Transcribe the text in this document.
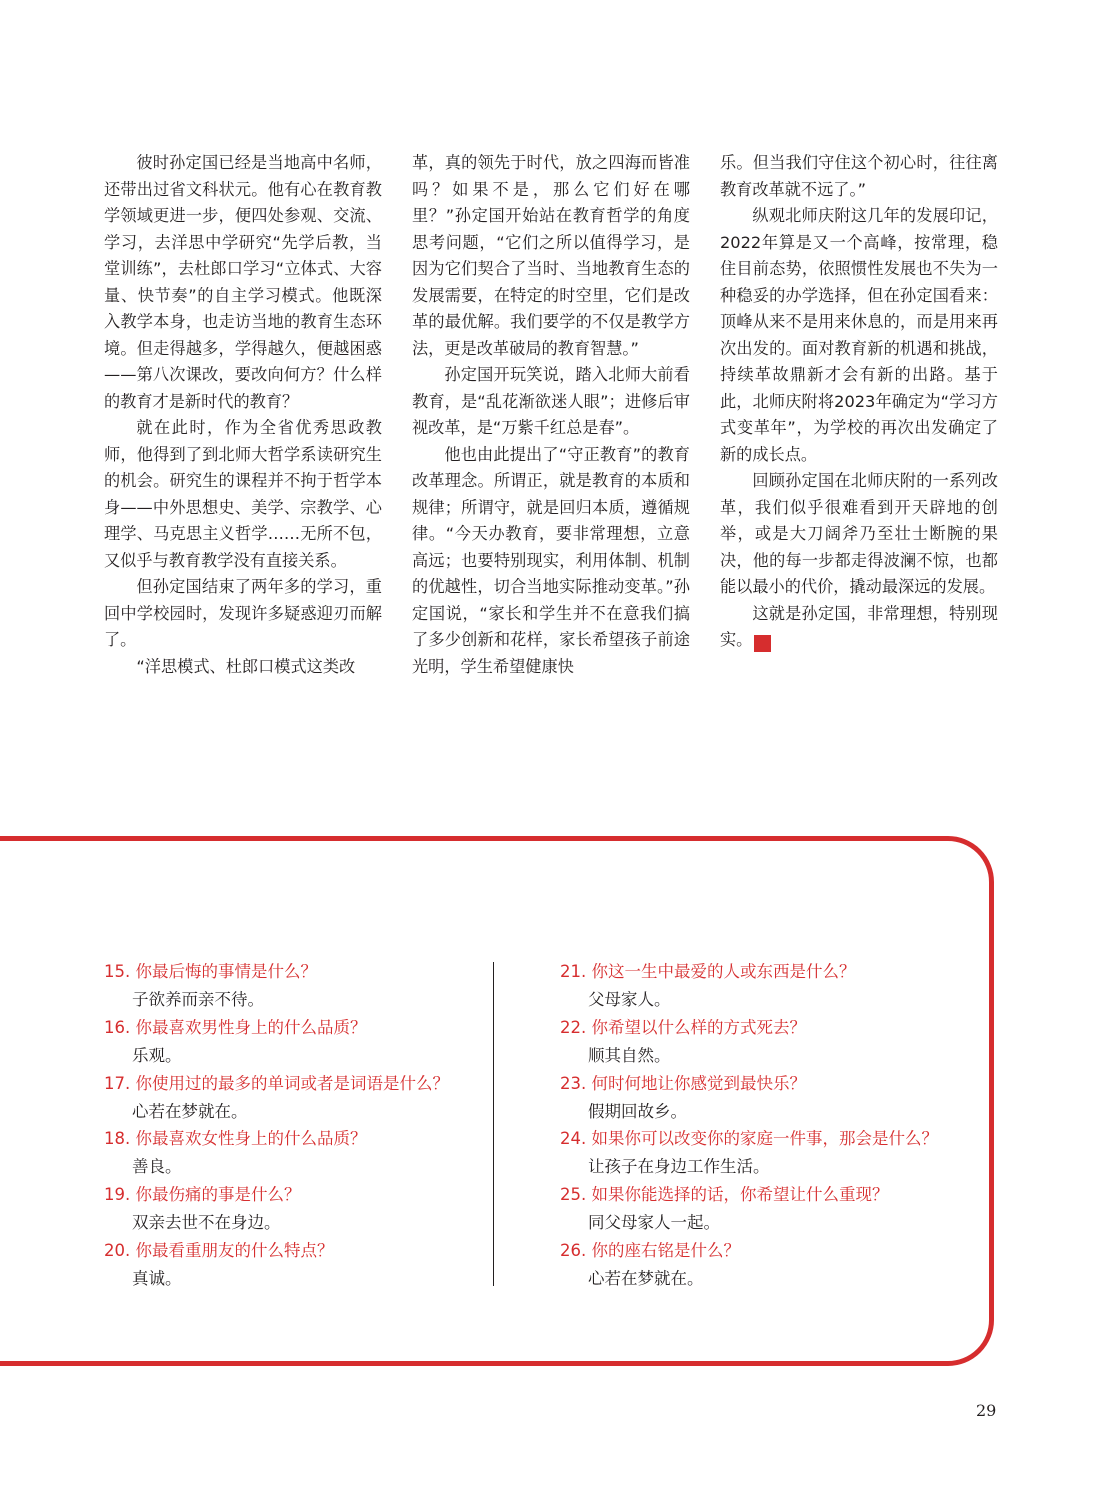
彼时孙定国已经是当地高中名师，还带出过省文科状元。他有心在教育教学领域更进一步，便四处参观、交流、学习，去洋思中学研究“先学后教，当堂训练”，去杜郎口学习“立体式、大容量、快节奏”的自主学习模式。他既深入教学本身，也走访当地的教育生态环境。但走得越多，学得越久，便越困惑——第八次课改，要改向何方？什么样的教育才是新时代的教育？

就在此时，作为全省优秀思政教师，他得到了到北师大哲学系读研究生的机会。研究生的课程并不拘于哲学本身——中外思想史、美学、宗教学、心理学、马克思主义哲学……无所不包，又似乎与教育教学没有直接关系。

但孙定国结束了两年多的学习，重回中学校园时，发现许多疑惑迎刃而解了。

“洋思模式、杜郎口模式这类改

革，真的领先于时代，放之四海而皆准吗？如果不是，那么它们好在哪里？”孙定国开始站在教育哲学的角度思考问题，“它们之所以值得学习，是因为它们契合了当时、当地教育生态的发展需要，在特定的时空里，它们是改革的最优解。我们要学的不仅是教学方法，更是改革破局的教育智慧。”

孙定国开玩笑说，踏入北师大前看教育，是“乱花渐欲迷人眼”；进修后审视改革，是“万紫千红总是春”。

他也由此提出了“守正教育”的教育改革理念。所谓正，就是教育的本质和规律；所谓守，就是回归本质，遵循规律。“今天办教育，要非常理想，立意高远；也要特别现实，利用体制、机制的优越性，切合当地实际推动变革。”孙定国说，“家长和学生并不在意我们搞了多少创新和花样，家长希望孩子前途光明，学生希望健康快

乐。但当我们守住这个初心时，往往离教育改革就不远了。”

纵观北师庆附这几年的发展印记，2022年算是又一个高峰，按常理，稳住目前态势，依照惯性发展也不失为一种稳妥的办学选择，但在孙定国看来：顶峰从来不是用来休息的，而是用来再次出发的。面对教育新的机遇和挑战，持续革故鼎新才会有新的出路。基于此，北师庆附将2023年确定为“学习方式变革年”，为学校的再次出发确定了新的成长点。

回顾孙定国在北师庆附的一系列改革，我们似乎很难看到开天辟地的创举，或是大刀阔斧乃至壮士断腕的果决，他的每一步都走得波澜不惊，也都能以最小的代价，撬动最深远的发展。

这就是孙定国，非常理想，特别现实。	家

15. 你最后悔的事情是什么？
子欲养而亲不待。
16. 你最喜欢男性身上的什么品质？
乐观。
17. 你使用过的最多的单词或者是词语是什么？
心若在梦就在。
18. 你最喜欢女性身上的什么品质？
善良。
19. 你最伤痛的事是什么？
双亲去世不在身边。
20. 你最看重朋友的什么特点？
真诚。
21. 你这一生中最爱的人或东西是什么？
父母家人。
22. 你希望以什么样的方式死去？
顺其自然。
23. 何时何地让你感觉到最快乐？
假期回故乡。
24. 如果你可以改变你的家庭一件事，那会是什么？
让孩子在身边工作生活。
25. 如果你能选择的话，你希望让什么重现？
同父母家人一起。
26. 你的座右铭是什么？
心若在梦就在。
29
